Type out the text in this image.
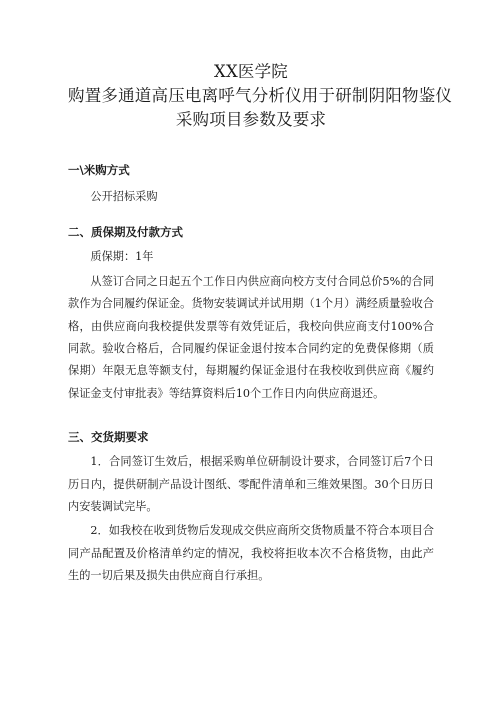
XX医学院
购置多通道高压电离呼气分析仪用于研制阴阳物鉴仪
采购项目参数及要求
一\米购方式

公开招标采购

二、质保期及付款方式

质保期：1年

从签订合同之日起五个工作日内供应商向校方支付合同总价5%的合同款作为合同履约保证金。货物安装调试并试用期（1个月）满经质量验收合格，由供应商向我校提供发票等有效凭证后，我校向供应商支付100%合同款。验收合格后，合同履约保证金退付按本合同约定的免费保修期（质保期）年限无息等额支付，每期履约保证金退付在我校收到供应商《履约保证金支付审批表》等结算资料后10个工作日内向供应商退还。

三、交货期要求

1．合同签订生效后，根据采购单位研制设计要求，合同签订后7个日历日内，提供研制产品设计图纸、零配件清单和三维效果图。30个日历日内安装调试完毕。

2．如我校在收到货物后发现成交供应商所交货物质量不符合本项目合同产品配置及价格清单约定的情况，我校将拒收本次不合格货物，由此产生的一切后果及损失由供应商自行承担。
